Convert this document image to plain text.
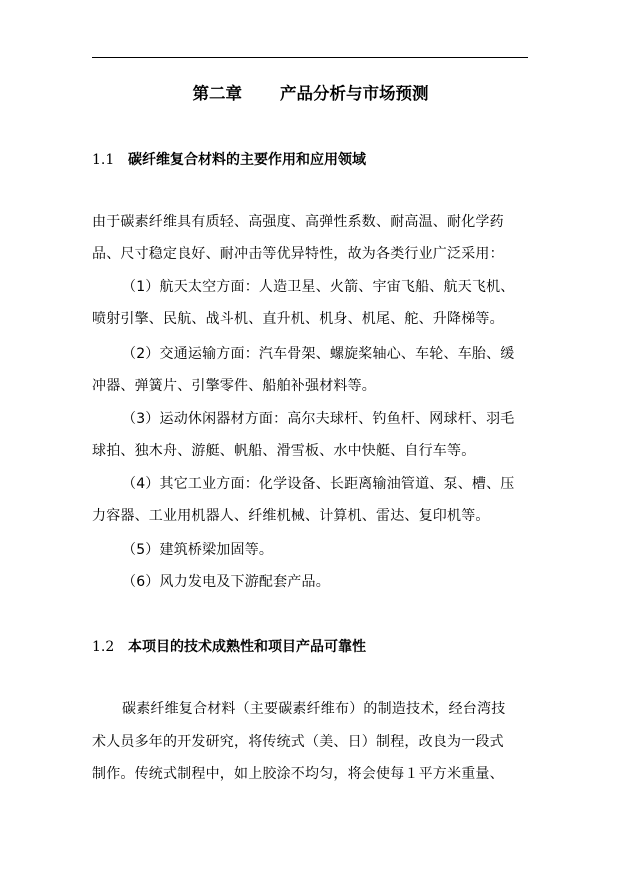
第二章 产品分析与市场预测
1.1 碳纤维复合材料的主要作用和应用领域
由于碳素纤维具有质轻、高强度、高弹性系数、耐高温、耐化学药
品、尺寸稳定良好、耐冲击等优异特性，故为各类行业广泛采用：
（1）航天太空方面：人造卫星、火箭、宇宙飞船、航天飞机、
喷射引擎、民航、战斗机、直升机、机身、机尾、舵、升降梯等。
（2）交通运输方面：汽车骨架、螺旋桨轴心、车轮、车胎、缓
冲器、弹簧片、引擎零件、船舶补强材料等。
（3）运动休闲器材方面：高尔夫球杆、钓鱼杆、网球杆、羽毛
球拍、独木舟、游艇、帆船、滑雪板、水中快艇、自行车等。
（4）其它工业方面：化学设备、长距离输油管道、泵、槽、压
力容器、工业用机器人、纤维机械、计算机、雷达、复印机等。
（5）建筑桥梁加固等。
（6）风力发电及下游配套产品。
1.2 本项目的技术成熟性和项目产品可靠性
碳素纤维复合材料（主要碳素纤维布）的制造技术，经台湾技
术人员多年的开发研究，将传统式（美、日）制程，改良为一段式
制作。传统式制程中，如上胶涂不均匀，将会使每１平方米重量、
